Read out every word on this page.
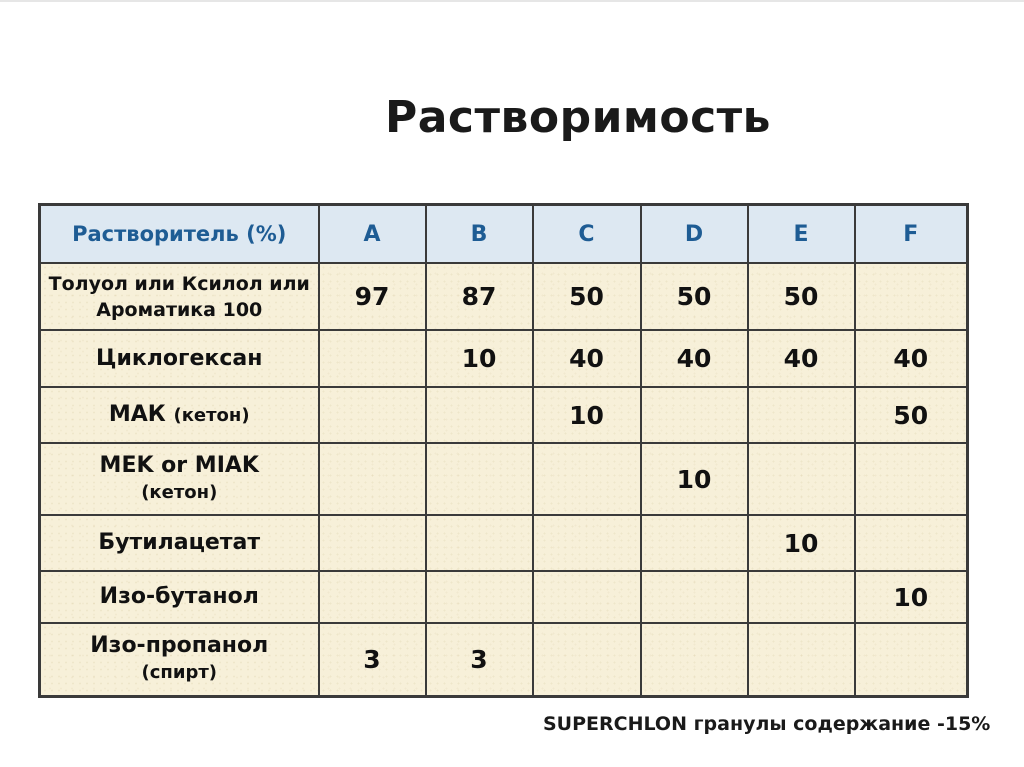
Растворимость
Растворитель (%)	A	B	C	D	E	F
Толуол или Ксилол или
Ароматика 100	97	87	50	50	50	
Циклогексан		10	40	40	40	40
МАК (кетон)			10			50
MEK or MIAK
(кетон)				10		
Бутилацетат					10	
Изо-бутанол						10
Изо-пропанол
(спирт)	3	3				
SUPERCHLON гранулы содержание -15%
